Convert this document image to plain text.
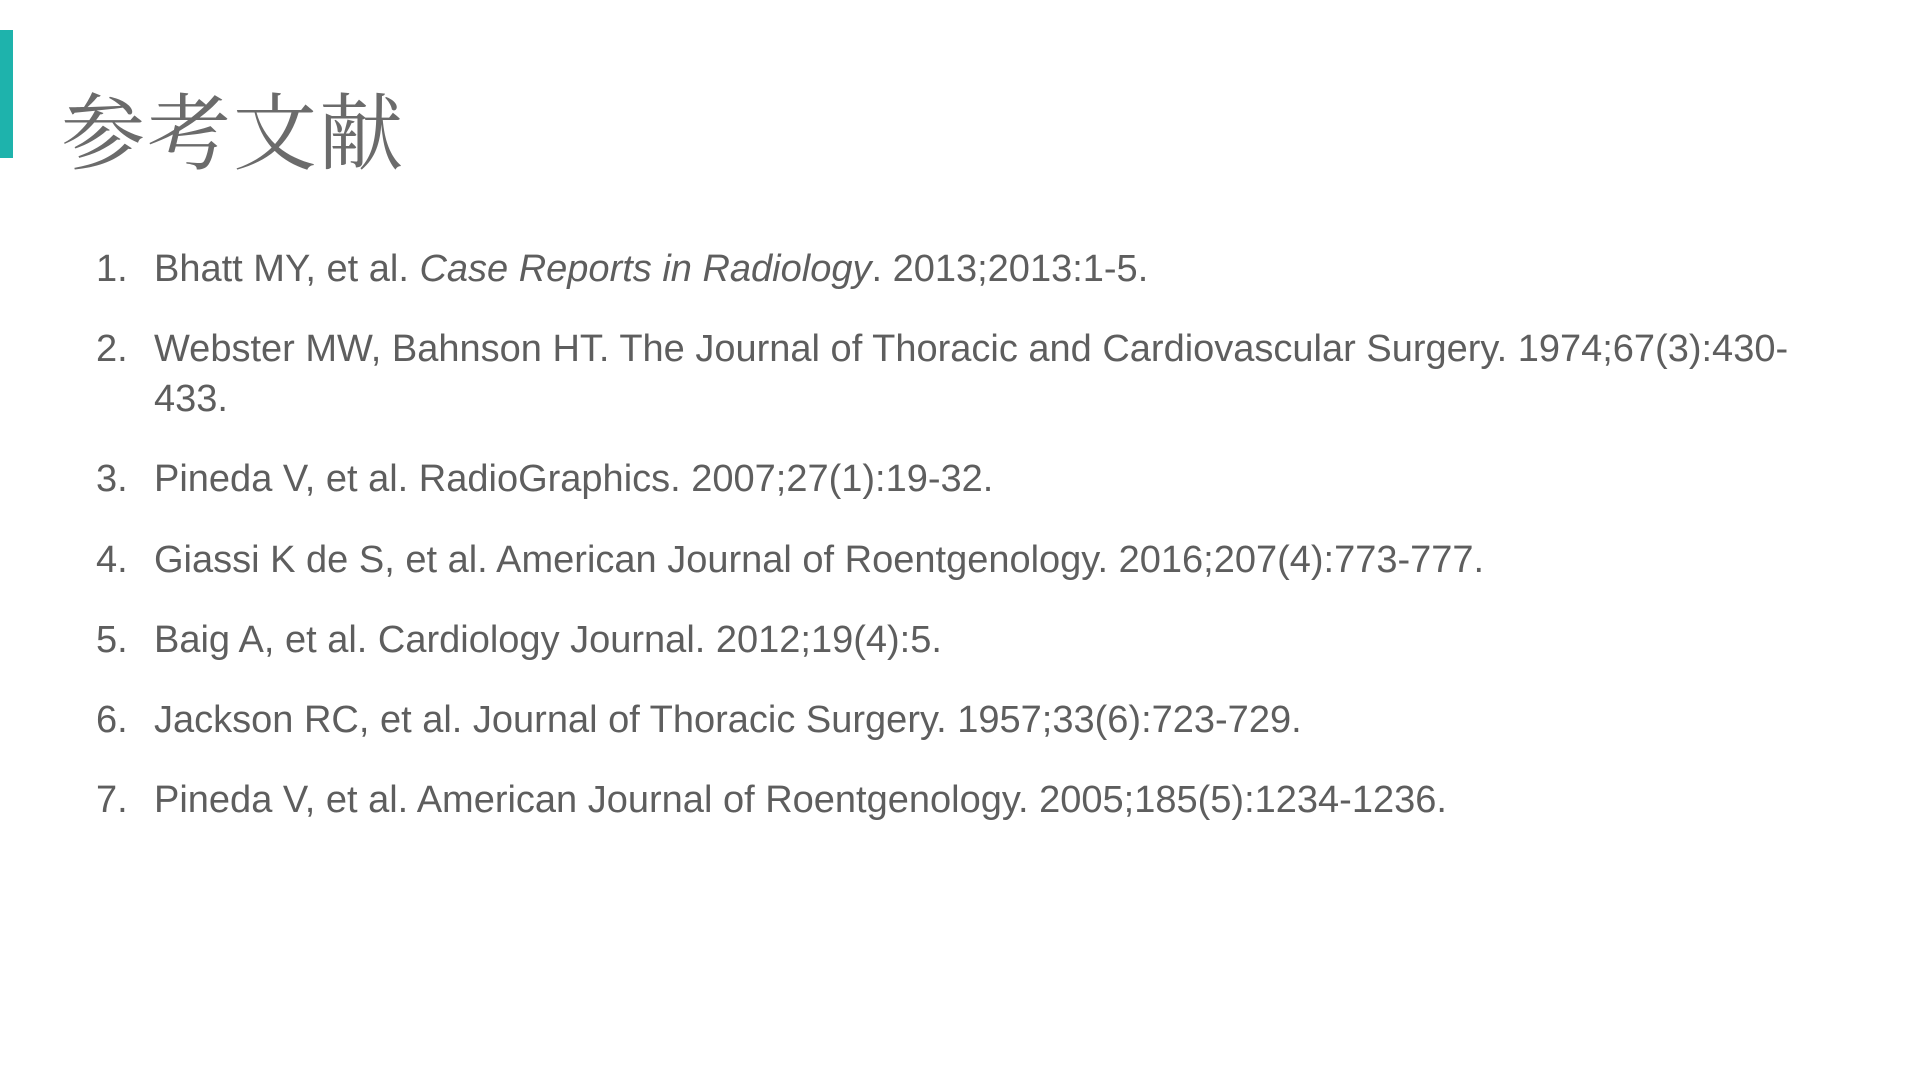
参考文献
1. Bhatt MY, et al. Case Reports in Radiology. 2013;2013:1-5.
2. Webster MW, Bahnson HT. The Journal of Thoracic and Cardiovascular Surgery. 1974;67(3):430-433.
3. Pineda V, et al. RadioGraphics. 2007;27(1):19-32.
4. Giassi K de S, et al. American Journal of Roentgenology. 2016;207(4):773-777.
5. Baig A, et al. Cardiology Journal. 2012;19(4):5.
6. Jackson RC, et al. Journal of Thoracic Surgery. 1957;33(6):723-729.
7. Pineda V, et al. American Journal of Roentgenology. 2005;185(5):1234-1236.
